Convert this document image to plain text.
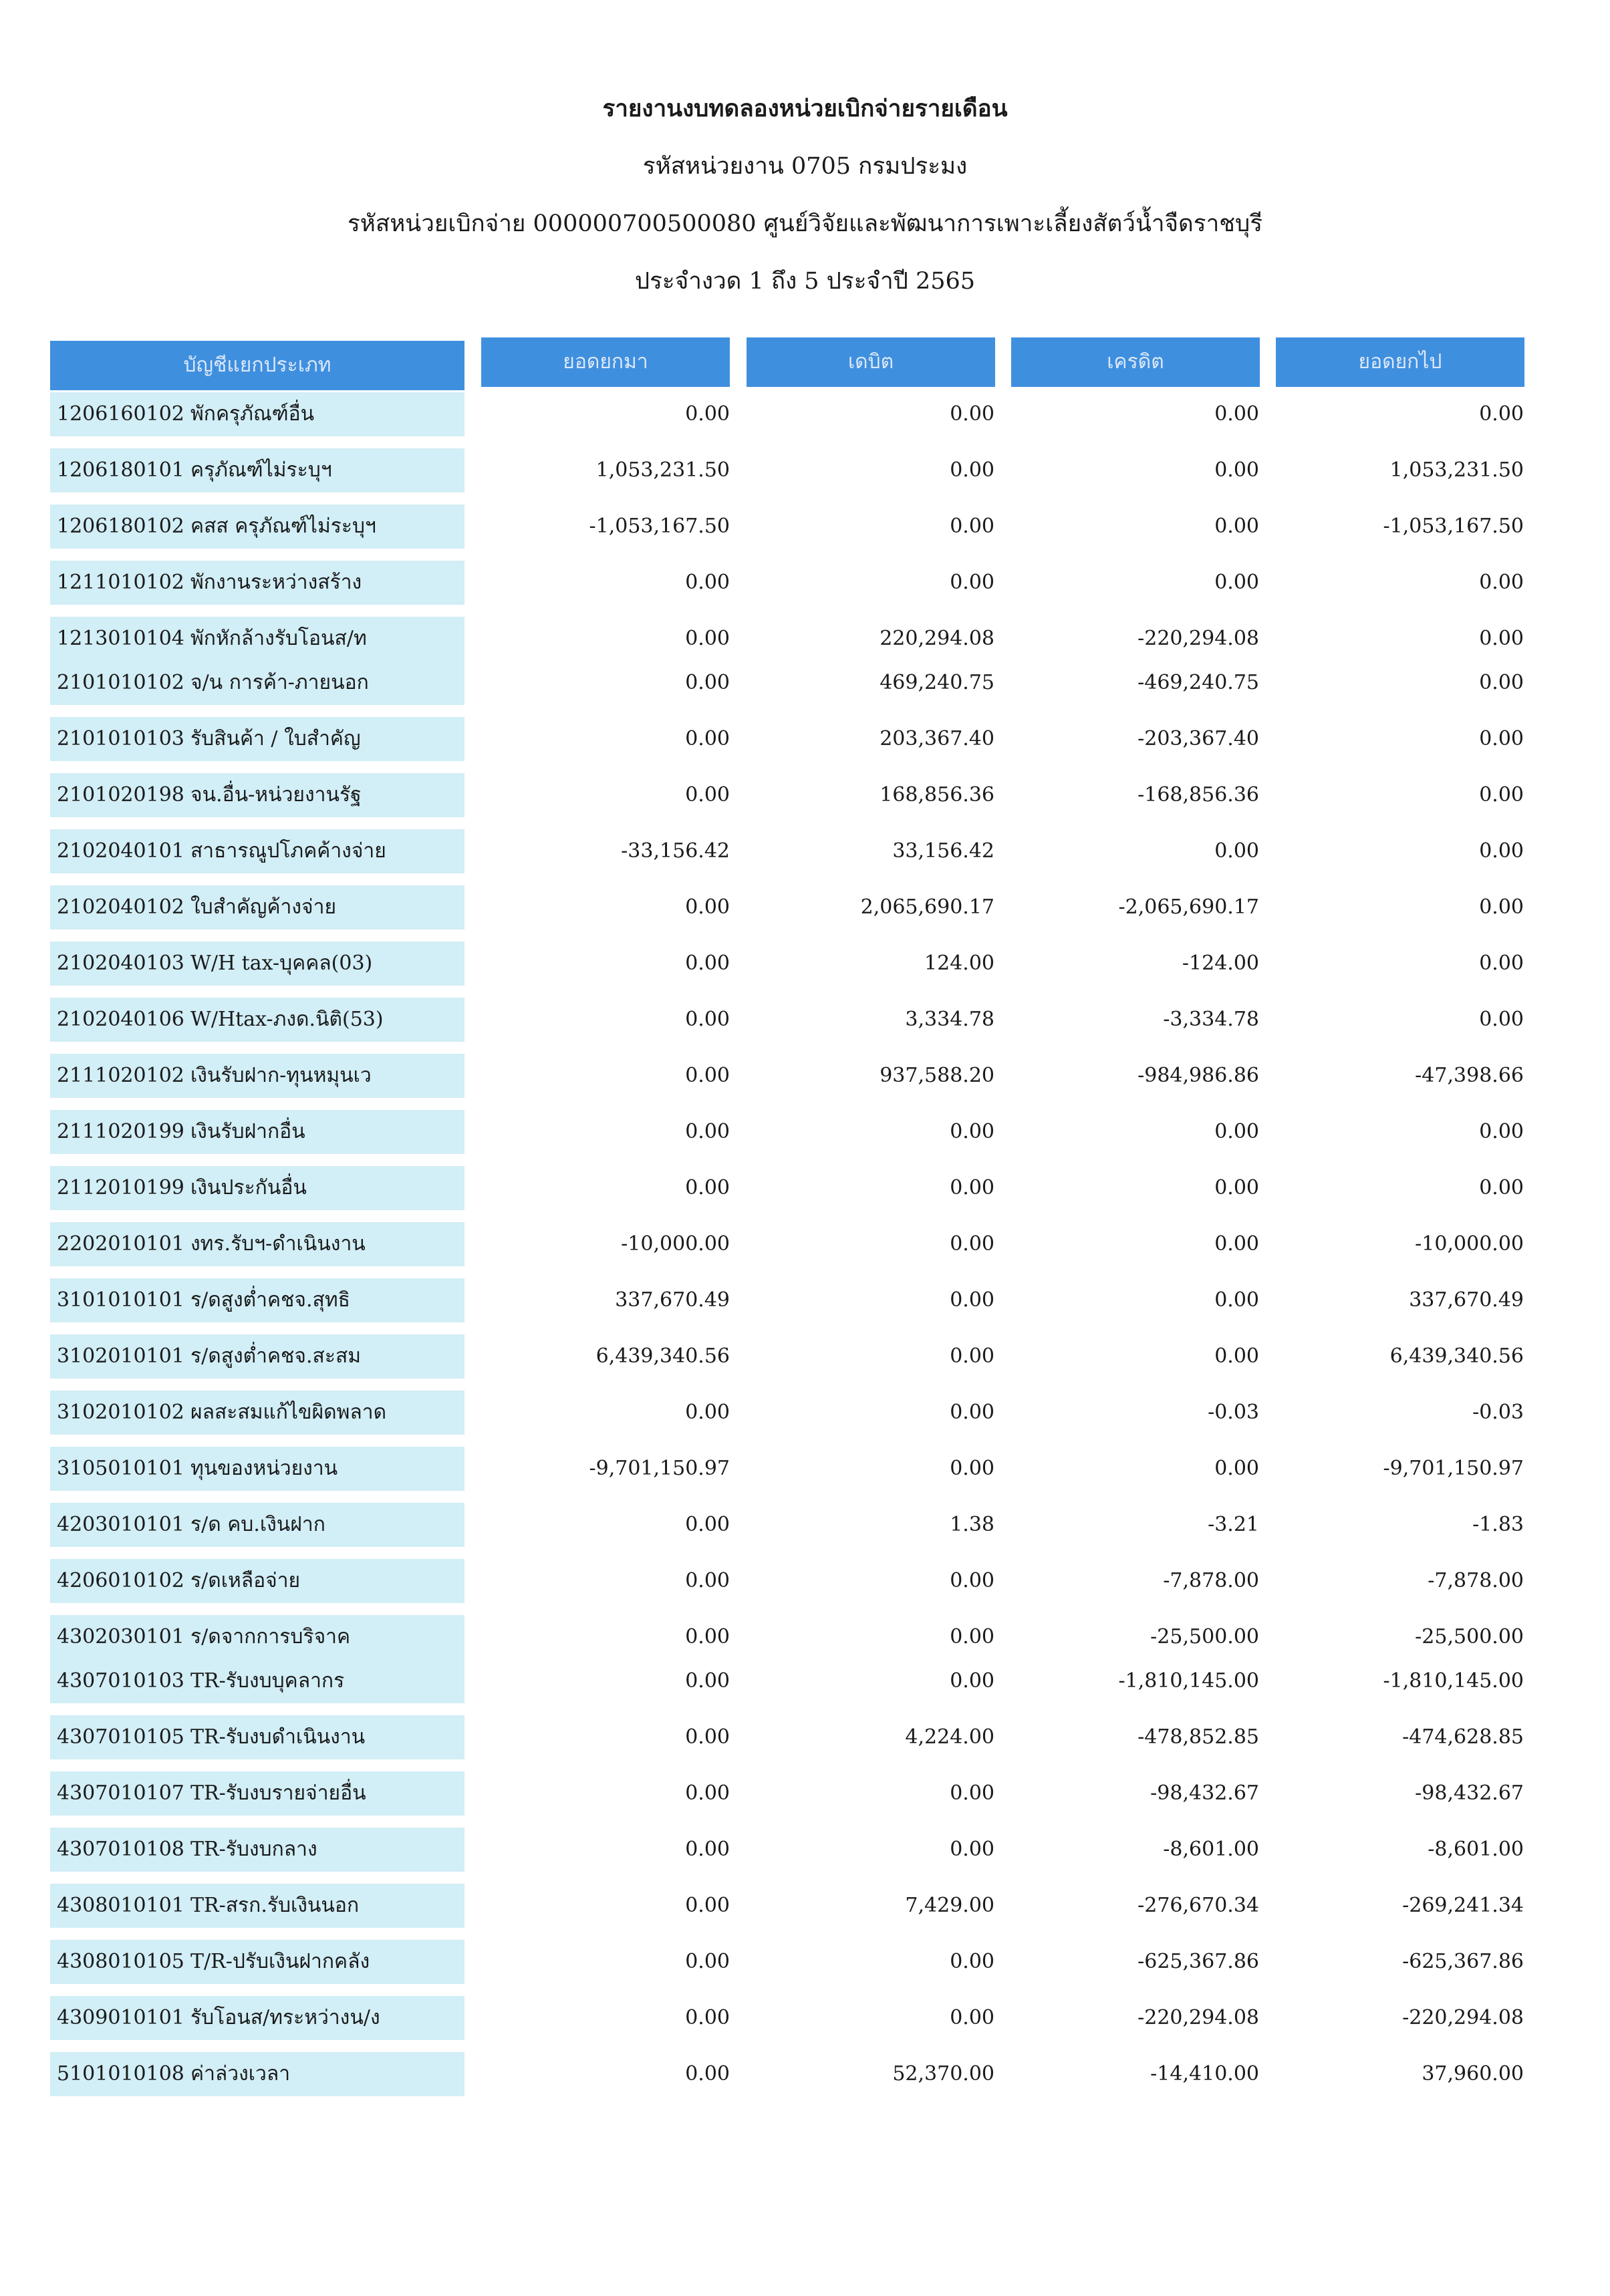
รายงานงบทดลองหน่วยเบิกจ่ายรายเดือน
รหัสหน่วยงาน 0705 กรมประมง
รหัสหน่วยเบิกจ่าย 000000700500080 ศูนย์วิจัยและพัฒนาการเพาะเลี้ยงสัตว์น้ำจืดราชบุรี
ประจำงวด 1 ถึง 5 ประจำปี 2565
บัญชีแยกประเภท	ยอดยกมา	เดบิต	เครดิต	ยอดยกไป
1206160102 พักครุภัณฑ์อื่น	0.00	0.00	0.00	0.00
1206180101 ครุภัณฑ์ไม่ระบุฯ	1,053,231.50	0.00	0.00	1,053,231.50
1206180102 คสส ครุภัณฑ์ไม่ระบุฯ	-1,053,167.50	0.00	0.00	-1,053,167.50
1211010102 พักงานระหว่างสร้าง	0.00	0.00	0.00	0.00
1213010104 พักหักล้างรับโอนส/ท	0.00	220,294.08	-220,294.08	0.00
2101010102 จ/น การค้า-ภายนอก	0.00	469,240.75	-469,240.75	0.00
2101010103 รับสินค้า / ใบสำคัญ	0.00	203,367.40	-203,367.40	0.00
2101020198 จน.อื่น-หน่วยงานรัฐ	0.00	168,856.36	-168,856.36	0.00
2102040101 สาธารณูปโภคค้างจ่าย	-33,156.42	33,156.42	0.00	0.00
2102040102 ใบสำคัญค้างจ่าย	0.00	2,065,690.17	-2,065,690.17	0.00
2102040103 W/H tax-บุคคล(03)	0.00	124.00	-124.00	0.00
2102040106 W/Htax-ภงด.นิติ(53)	0.00	3,334.78	-3,334.78	0.00
2111020102 เงินรับฝาก-ทุนหมุนเว	0.00	937,588.20	-984,986.86	-47,398.66
2111020199 เงินรับฝากอื่น	0.00	0.00	0.00	0.00
2112010199 เงินประกันอื่น	0.00	0.00	0.00	0.00
2202010101 งทร.รับฯ-ดำเนินงาน	-10,000.00	0.00	0.00	-10,000.00
3101010101 ร/ดสูงต่ำคชจ.สุทธิ	337,670.49	0.00	0.00	337,670.49
3102010101 ร/ดสูงต่ำคชจ.สะสม	6,439,340.56	0.00	0.00	6,439,340.56
3102010102 ผลสะสมแก้ไขผิดพลาด	0.00	0.00	-0.03	-0.03
3105010101 ทุนของหน่วยงาน	-9,701,150.97	0.00	0.00	-9,701,150.97
4203010101 ร/ด คบ.เงินฝาก	0.00	1.38	-3.21	-1.83
4206010102 ร/ดเหลือจ่าย	0.00	0.00	-7,878.00	-7,878.00
4302030101 ร/ดจากการบริจาค	0.00	0.00	-25,500.00	-25,500.00
4307010103 TR-รับงบบุคลากร	0.00	0.00	-1,810,145.00	-1,810,145.00
4307010105 TR-รับงบดำเนินงาน	0.00	4,224.00	-478,852.85	-474,628.85
4307010107 TR-รับงบรายจ่ายอื่น	0.00	0.00	-98,432.67	-98,432.67
4307010108 TR-รับงบกลาง	0.00	0.00	-8,601.00	-8,601.00
4308010101 TR-สรก.รับเงินนอก	0.00	7,429.00	-276,670.34	-269,241.34
4308010105 T/R-ปรับเงินฝากคลัง	0.00	0.00	-625,367.86	-625,367.86
4309010101 รับโอนส/ทระหว่างน/ง	0.00	0.00	-220,294.08	-220,294.08
5101010108 ค่าล่วงเวลา	0.00	52,370.00	-14,410.00	37,960.00
